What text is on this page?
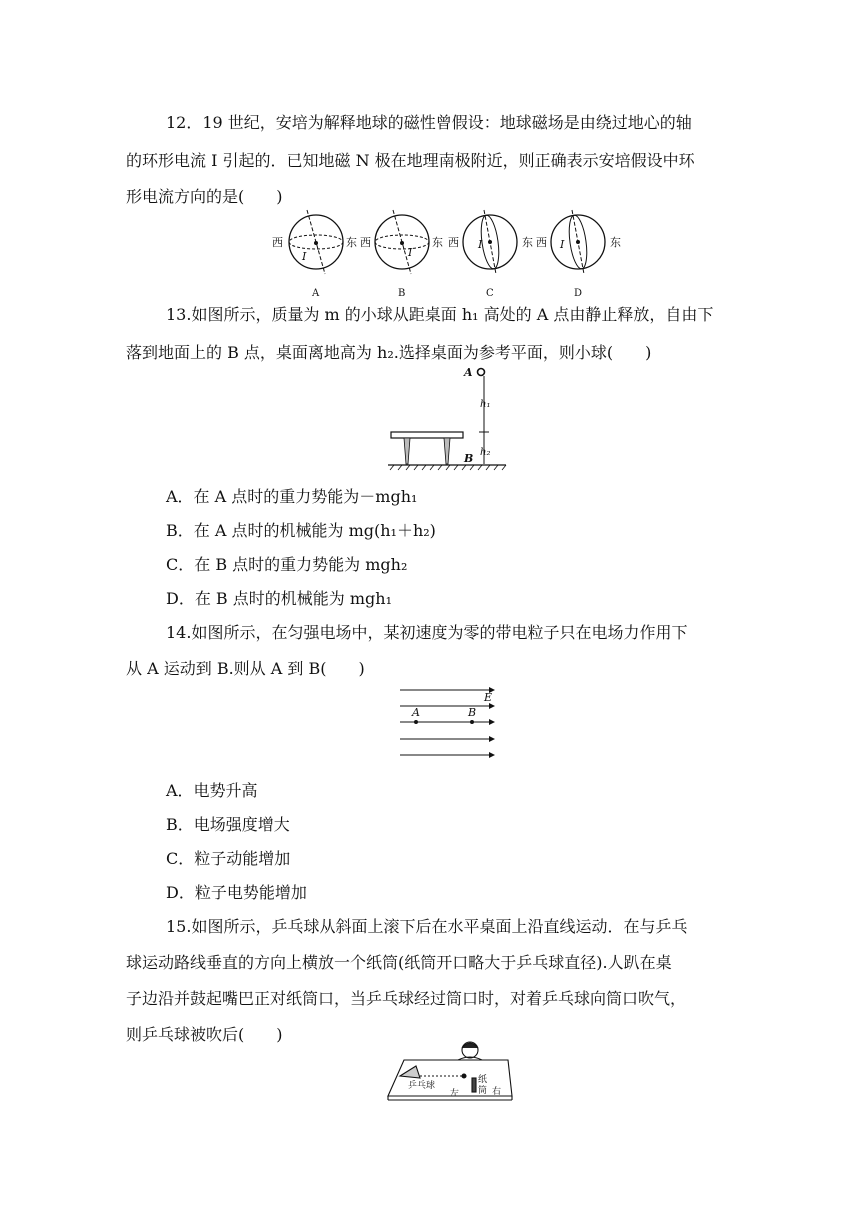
12．19 世纪，安培为解释地球的磁性曾假设：地球磁场是由绕过地心的轴
的环形电流 I 引起的．已知地磁 N 极在地理南极附近，则正确表示安培假设中环
形电流方向的是(　　)
西	东
I
A
西	东
I
B
西	东
I
C
西	东
I
D
13.如图所示，质量为 m 的小球从距桌面 h₁ 高处的 A 点由静止释放，自由下
落到地面上的 B 点，桌面离地高为 h₂.选择桌面为参考平面，则小球(　　)
A
h₁
h₂
B
A．在 A 点时的重力势能为－mgh₁
B．在 A 点时的机械能为 mg(h₁＋h₂)
C．在 B 点时的重力势能为 mgh₂
D．在 B 点时的机械能为 mgh₁
14.如图所示，在匀强电场中，某初速度为零的带电粒子只在电场力作用下
从 A 运动到 B.则从 A 到 B(　　)
E
A	B
A．电势升高
B．电场强度增大
C．粒子动能增加
D．粒子电势能增加
15.如图所示，乒乓球从斜面上滚下后在水平桌面上沿直线运动．在与乒乓
球运动路线垂直的方向上横放一个纸筒(纸筒开口略大于乒乓球直径).人趴在桌
子边沿并鼓起嘴巴正对纸筒口，当乒乓球经过筒口时，对着乒乓球向筒口吹气，
则乒乓球被吹后(　　)
乒乓球
左
纸
筒 右
